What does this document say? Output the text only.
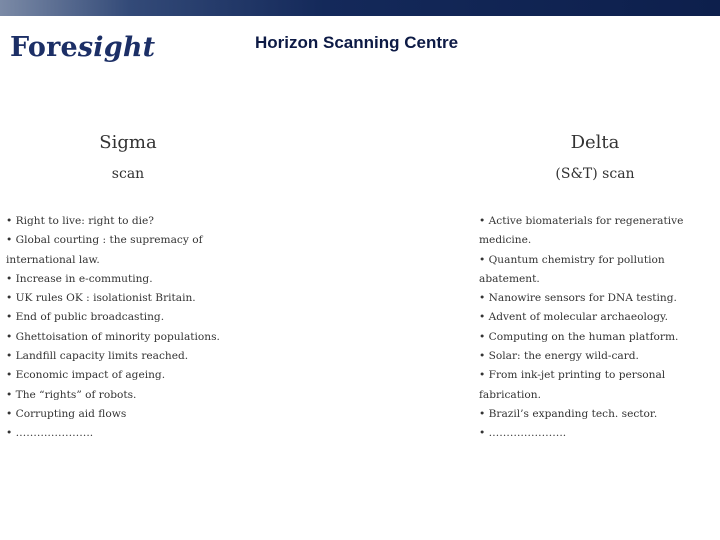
Foresight	Horizon Scanning Centre
Sigma
scan
Delta
(S&T) scan
• Right to live: right to die?
• Global courting : the supremacy of international law.
• Increase in e-commuting.
• UK rules OK : isolationist Britain.
• End of public broadcasting.
• Ghettoisation of minority populations.
• Landfill capacity limits reached.
• Economic impact of ageing.
• The “rights” of robots.
• Corrupting aid flows
• ………………….
• Active biomaterials for regenerative medicine.
• Quantum chemistry for pollution abatement.
• Nanowire sensors for DNA testing.
• Advent of molecular archaeology.
• Computing on the human platform.
• Solar: the energy wild-card.
• From ink-jet printing to personal fabrication.
• Brazil’s expanding tech. sector.
• ………………….
